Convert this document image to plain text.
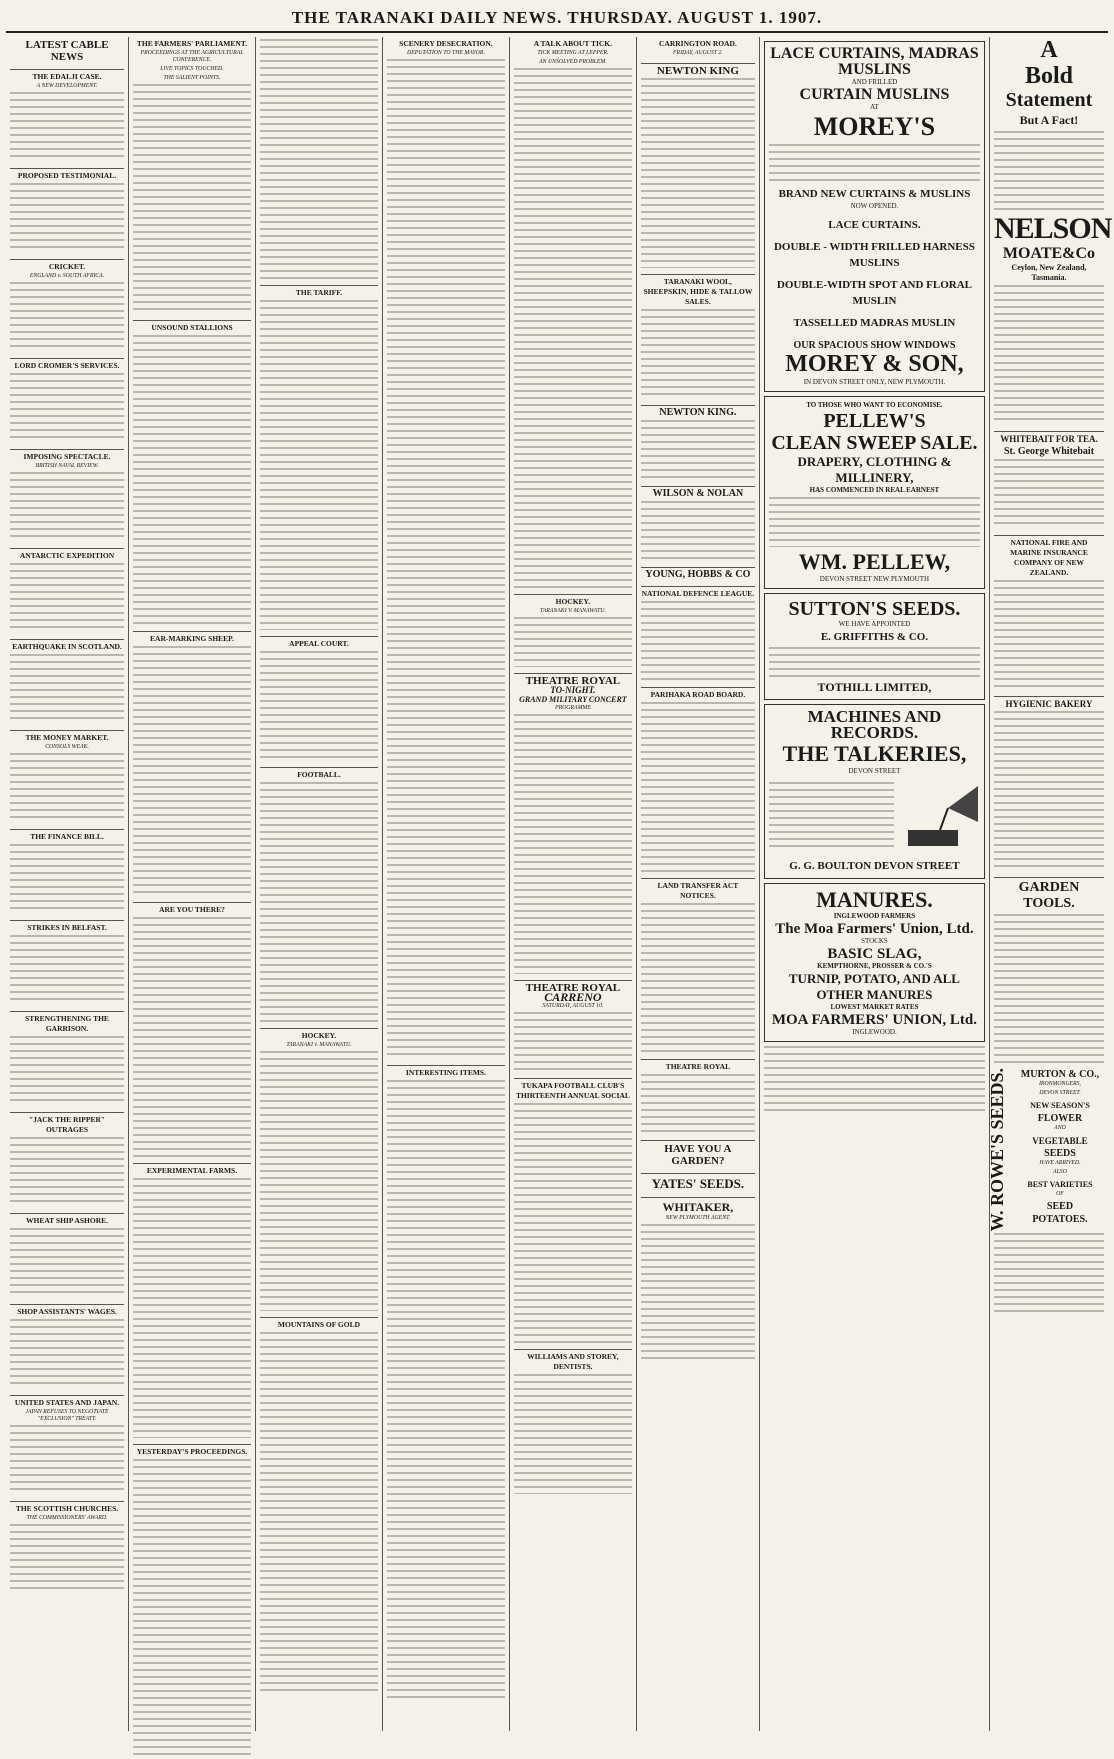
THE TARANAKI DAILY NEWS. THURSDAY. AUGUST 1. 1907.
LATEST CABLE NEWS
THE EDALJI CASE.
A NEW DEVELOPMENT.
PROPOSED TESTIMONIAL.
CRICKET.
ENGLAND v. SOUTH AFRICA.
LORD CROMER'S SERVICES.
IMPOSING SPECTACLE.
BRITISH NAVAL REVIEW.
ANTARCTIC EXPEDITION
EARTHQUAKE IN SCOTLAND.
THE MONEY MARKET.
CONSOLS WEAK.
THE FINANCE BILL.
STRIKES IN BELFAST.
STRENGTHENING THE GARRISON.
"JACK THE RIPPER" OUTRAGES
WHEAT SHIP ASHORE.
SHOP ASSISTANTS' WAGES.
UNITED STATES AND JAPAN.
JAPAN REFUSES TO NEGOTIATE "EXCLUSION" TREATY.
THE SCOTTISH CHURCHES.
THE COMMISSIONERS' AWARD.
THE FARMERS' PARLIAMENT.
PROCEEDINGS AT THE AGRICULTURAL CONFERENCE.
LIVE TOPICS TOUCHED.
THE SALIENT POINTS.
UNSOUND STALLIONS
EAR-MARKING SHEEP.
ARE YOU THERE?
EXPERIMENTAL FARMS.
YESTERDAY'S PROCEEDINGS.
THE TARIFF.
APPEAL COURT.
FOOTBALL.
HOCKEY.
TARANAKI v. MANAWATU.
MOUNTAINS OF GOLD
SCENERY DESECRATION.
DEPUTATION TO THE MAYOR.
INTERESTING ITEMS.
A TALK ABOUT TICK.
TICK MEETING AT LEPPER.
AN UNSOLVED PROBLEM.
HOCKEY.
TARANAKI V. MANAWATU.
THEATRE ROYAL
TO-NIGHT.
GRAND MILITARY CONCERT
PROGRAMME
THEATRE ROYAL
CARRENO
SATURDAY, AUGUST 10.
TUKAPA FOOTBALL CLUB'S THIRTEENTH ANNUAL SOCIAL
WILLIAMS AND STOREY, DENTISTS.
CARRINGTON ROAD.
FRIDAY, AUGUST 2.
NEWTON KING
TARANAKI WOOL, SHEEPSKIN, HIDE & TALLOW SALES.
NEWTON KING.
WILSON & NOLAN
YOUNG, HOBBS & CO
NATIONAL DEFENCE LEAGUE.
PARIHAKA ROAD BOARD.
LAND TRANSFER ACT NOTICES.
THEATRE ROYAL
HAVE YOU A GARDEN?
YATES' SEEDS.
WHITAKER,
NEW PLYMOUTH AGENT.
LACE CURTAINS, MADRAS MUSLINS
AND FRILLED
CURTAIN MUSLINS
AT
MOREY'S
BRAND NEW CURTAINS & MUSLINS
NOW OPENED.
LACE CURTAINS.
DOUBLE - WIDTH FRILLED HARNESS MUSLINS
DOUBLE-WIDTH SPOT AND FLORAL MUSLIN
TASSELLED MADRAS MUSLIN
OUR SPACIOUS SHOW WINDOWS
MOREY & SON,
IN DEVON STREET ONLY, NEW PLYMOUTH.
TO THOSE WHO WANT TO ECONOMISE.
PELLEW'S
CLEAN SWEEP SALE.
DRAPERY, CLOTHING & MILLINERY,
HAS COMMENCED IN REAL EARNEST
WM. PELLEW,
DEVON STREET NEW PLYMOUTH
SUTTON'S SEEDS.
WE HAVE APPOINTED
E. GRIFFITHS & CO.
TOTHILL LIMITED,
MACHINES AND RECORDS.
THE TALKERIES,
DEVON STREET
G. G. BOULTON DEVON STREET
MANURES.
INGLEWOOD FARMERS
The Moa Farmers' Union, Ltd.
STOCKS
BASIC SLAG,
KEMPTHORNE, PROSSER & CO.'S
TURNIP, POTATO, AND ALL OTHER MANURES
LOWEST MARKET RATES
MOA FARMERS' UNION, Ltd.
INGLEWOOD.
A
Bold
Statement
But A Fact!
NELSON
MOATE&Co
Ceylon, New Zealand, Tasmania.
WHITEBAIT FOR TEA.
St. George Whitebait
NATIONAL FIRE AND MARINE INSURANCE COMPANY OF NEW ZEALAND.
HYGIENIC BAKERY
GARDEN TOOLS.
W. ROWE'S SEEDS.	MURTON & CO.,
IRONMONGERS,
DEVON STREET.
NEW SEASON'S
FLOWER
AND
VEGETABLE
SEEDS
HAVE ARRIVED.
ALSO
BEST VARIETIES
OF
SEED
POTATOES.
